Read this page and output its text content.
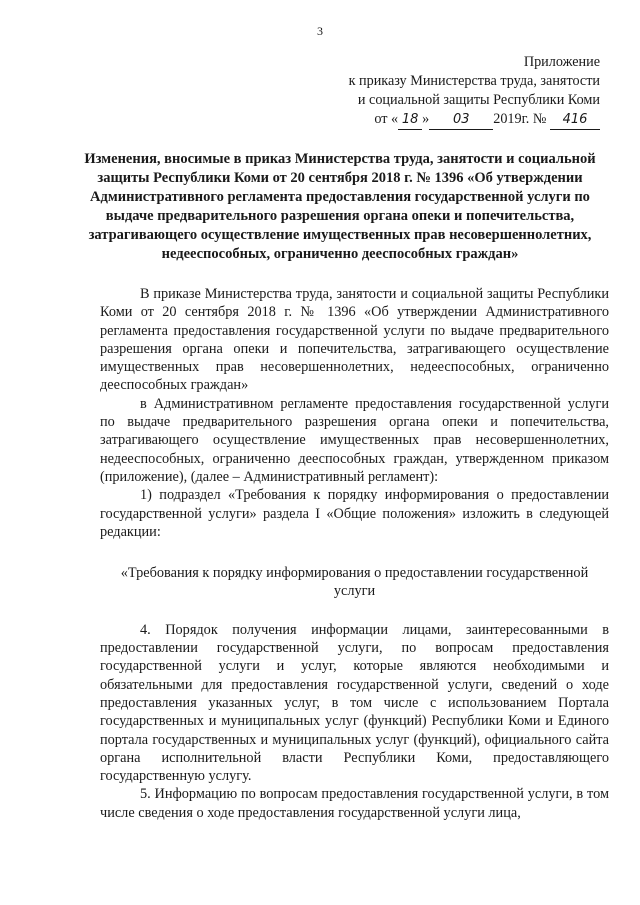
3
Приложение
к приказу Министерства труда, занятости
и социальной защиты Республики Коми
от « 18 » 03 2019г. № 416
Изменения, вносимые в приказ Министерства труда, занятости и социальной защиты Республики Коми от 20 сентября 2018 г. № 1396 «Об утверждении Административного регламента предоставления государственной услуги по выдаче предварительного разрешения органа опеки и попечительства, затрагивающего осуществление имущественных прав несовершеннолетних, недееспособных, ограниченно дееспособных граждан»

В приказе Министерства труда, занятости и социальной защиты Республики Коми от 20 сентября 2018 г. № 1396 «Об утверждении Административного регламента предоставления государственной услуги по выдаче предварительного разрешения органа опеки и попечительства, затрагивающего осуществление имущественных прав несовершеннолетних, недееспособных, ограниченно дееспособных граждан»

в Административном регламенте предоставления государственной услуги по выдаче предварительного разрешения органа опеки и попечительства, затрагивающего осуществление имущественных прав несовершеннолетних, недееспособных, ограниченно дееспособных граждан, утвержденном приказом (приложение), (далее – Административный регламент):

1) подраздел «Требования к порядку информирования о предоставлении государственной услуги» раздела I «Общие положения» изложить в следующей редакции:

«Требования к порядку информирования о предоставлении государственной услуги

4. Порядок получения информации лицами, заинтересованными в предоставлении государственной услуги, по вопросам предоставления государственной услуги и услуг, которые являются необходимыми и обязательными для предоставления государственной услуги, сведений о ходе предоставления указанных услуг, в том числе с использованием Портала государственных и муниципальных услуг (функций) Республики Коми и Единого портала государственных и муниципальных услуг (функций), официального сайта органа исполнительной власти Республики Коми, предоставляющего государственную услугу.

5. Информацию по вопросам предоставления государственной услуги, в том числе сведения о ходе предоставления государственной услуги лица,
